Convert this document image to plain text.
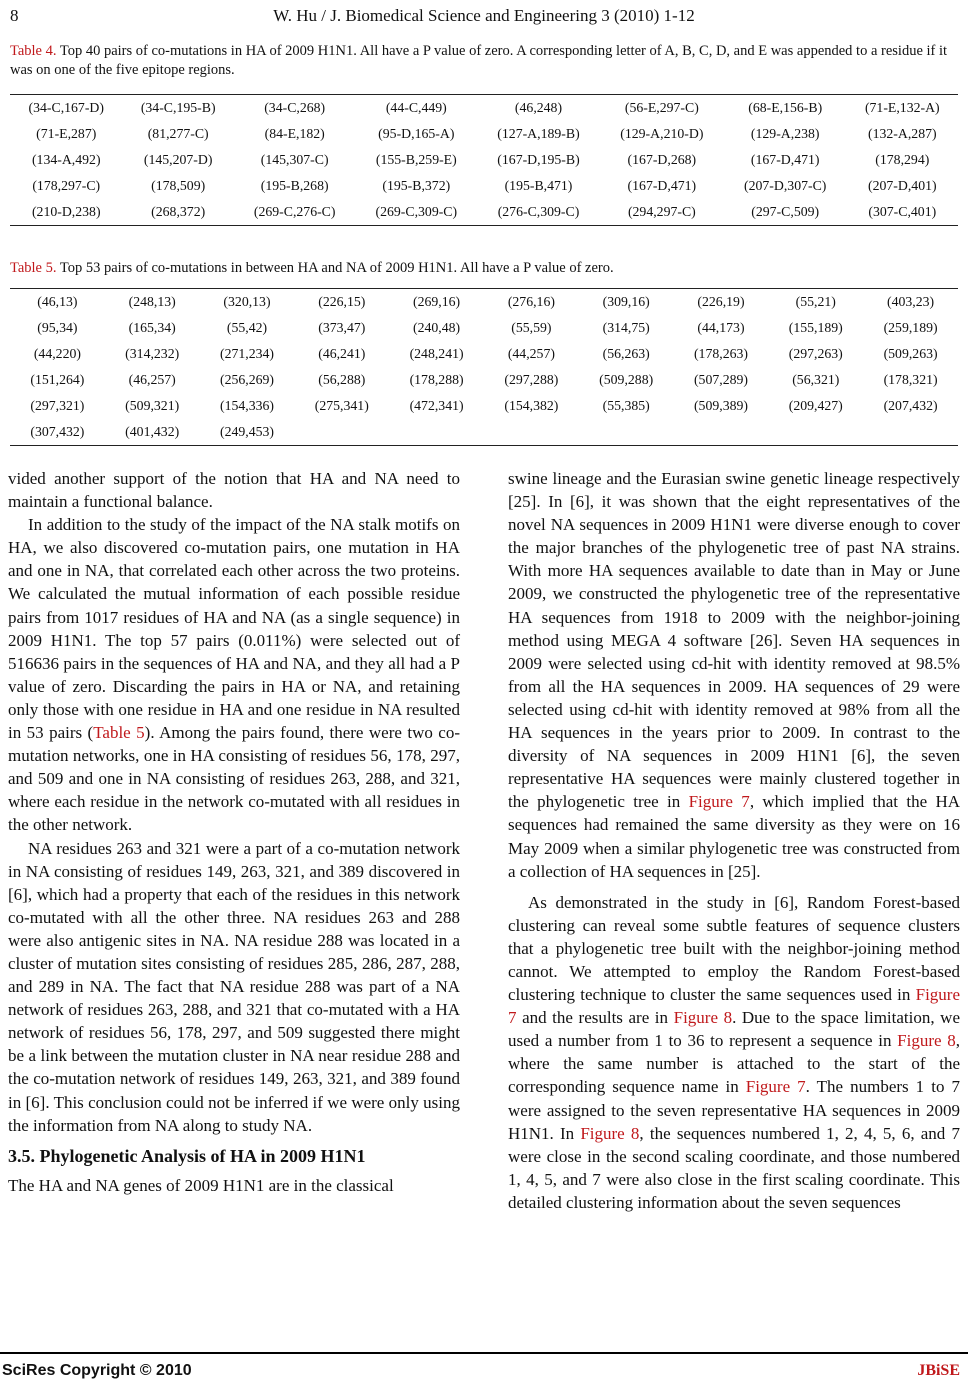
8	W. Hu / J. Biomedical Science and Engineering 3 (2010) 1-12
Table 4. Top 40 pairs of co-mutations in HA of 2009 H1N1. All have a P value of zero. A corresponding letter of A, B, C, D, and E was appended to a residue if it was on one of the five epitope regions.
(34-C,167-D)	(34-C,195-B)	(34-C,268)	(44-C,449)	(46,248)	(56-E,297-C)	(68-E,156-B)	(71-E,132-A)
(71-E,287)	(81,277-C)	(84-E,182)	(95-D,165-A)	(127-A,189-B)	(129-A,210-D)	(129-A,238)	(132-A,287)
(134-A,492)	(145,207-D)	(145,307-C)	(155-B,259-E)	(167-D,195-B)	(167-D,268)	(167-D,471)	(178,294)
(178,297-C)	(178,509)	(195-B,268)	(195-B,372)	(195-B,471)	(167-D,471)	(207-D,307-C)	(207-D,401)
(210-D,238)	(268,372)	(269-C,276-C)	(269-C,309-C)	(276-C,309-C)	(294,297-C)	(297-C,509)	(307-C,401)
Table 5. Top 53 pairs of co-mutations in between HA and NA of 2009 H1N1. All have a P value of zero.
(46,13)	(248,13)	(320,13)	(226,15)	(269,16)	(276,16)	(309,16)	(226,19)	(55,21)	(403,23)
(95,34)	(165,34)	(55,42)	(373,47)	(240,48)	(55,59)	(314,75)	(44,173)	(155,189)	(259,189)
(44,220)	(314,232)	(271,234)	(46,241)	(248,241)	(44,257)	(56,263)	(178,263)	(297,263)	(509,263)
(151,264)	(46,257)	(256,269)	(56,288)	(178,288)	(297,288)	(509,288)	(507,289)	(56,321)	(178,321)
(297,321)	(509,321)	(154,336)	(275,341)	(472,341)	(154,382)	(55,385)	(509,389)	(209,427)	(207,432)
(307,432)	(401,432)	(249,453)							

vided another support of the notion that HA and NA need to maintain a functional balance.

In addition to the study of the impact of the NA stalk motifs on HA, we also discovered co-mutation pairs, one mutation in HA and one in NA, that correlated each other across the two proteins. We calculated the mutual information of each possible residue pairs from 1017 residues of HA and NA (as a single sequence) in 2009 H1N1. The top 57 pairs (0.011%) were selected out of 516636 pairs in the sequences of HA and NA, and they all had a P value of zero. Discarding the pairs in HA or NA, and retaining only those with one residue in HA and one residue in NA resulted in 53 pairs (Table 5). Among the pairs found, there were two co-mutation networks, one in HA consisting of residues 56, 178, 297, and 509 and one in NA consisting of residues 263, 288, and 321, where each residue in the network co-mutated with all residues in the other network.

NA residues 263 and 321 were a part of a co-mutation network in NA consisting of residues 149, 263, 321, and 389 discovered in [6], which had a property that each of the residues in this network co-mutated with all the other three. NA residues 263 and 288 were also antigenic sites in NA. NA residue 288 was located in a cluster of mutation sites consisting of residues 285, 286, 287, 288, and 289 in NA. The fact that NA residue 288 was part of a NA network of residues 263, 288, and 321 that co-mutated with a HA network of residues 56, 178, 297, and 509 suggested there might be a link between the mutation cluster in NA near residue 288 and the co-mutation network of residues 149, 263, 321, and 389 found in [6]. This conclusion could not be inferred if we were only using the information from NA along to study NA.

3.5. Phylogenetic Analysis of HA in 2009 H1N1

The HA and NA genes of 2009 H1N1 are in the classical

swine lineage and the Eurasian swine genetic lineage respectively [25]. In [6], it was shown that the eight representatives of the novel NA sequences in 2009 H1N1 were diverse enough to cover the major branches of the phylogenetic tree of past NA strains. With more HA sequences available to date than in May or June 2009, we constructed the phylogenetic tree of the representative HA sequences from 1918 to 2009 with the neighbor-joining method using MEGA 4 software [26]. Seven HA sequences in 2009 were selected using cd-hit with identity removed at 98.5% from all the HA sequences in 2009. HA sequences of 29 were selected using cd-hit with identity removed at 98% from all the HA sequences in the years prior to 2009. In contrast to the diversity of NA sequences in 2009 H1N1 [6], the seven representative HA sequences were mainly clustered together in the phylogenetic tree in Figure 7, which implied that the HA sequences had remained the same diversity as they were on 16 May 2009 when a similar phylogenetic tree was constructed from a collection of HA sequences in [25].

As demonstrated in the study in [6], Random Forest-based clustering can reveal some subtle features of sequence clusters that a phylogenetic tree built with the neighbor-joining method cannot. We attempted to employ the Random Forest-based clustering technique to cluster the same sequences used in Figure 7 and the results are in Figure 8. Due to the space limitation, we used a number from 1 to 36 to represent a sequence in Figure 8, where the same number is attached to the start of the corresponding sequence name in Figure 7. The numbers 1 to 7 were assigned to the seven representative HA sequences in 2009 H1N1. In Figure 8, the sequences numbered 1, 2, 4, 5, 6, and 7 were close in the second scaling coordinate, and those numbered 1, 4, 5, and 7 were also close in the first scaling coordinate. This detailed clustering information about the seven sequences

SciRes Copyright © 2010	JBiSE
